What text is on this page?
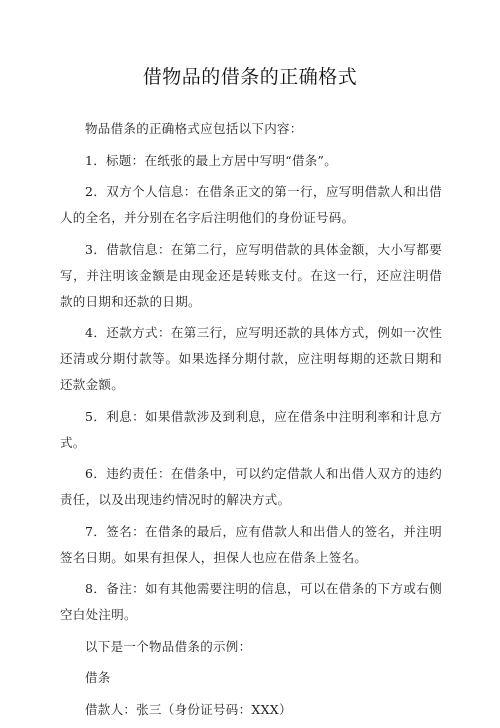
借物品的借条的正确格式

物品借条的正确格式应包括以下内容：

1．标题：在纸张的最上方居中写明“借条”。

2．双方个人信息：在借条正文的第一行，应写明借款人和出借人的全名，并分别在名字后注明他们的身份证号码。

3．借款信息：在第二行，应写明借款的具体金额，大小写都要写，并注明该金额是由现金还是转账支付。在这一行，还应注明借款的日期和还款的日期。

4．还款方式：在第三行，应写明还款的具体方式，例如一次性还清或分期付款等。如果选择分期付款，应注明每期的还款日期和还款金额。

5．利息：如果借款涉及到利息，应在借条中注明利率和计息方式。

6．违约责任：在借条中，可以约定借款人和出借人双方的违约责任，以及出现违约情况时的解决方式。

7．签名：在借条的最后，应有借款人和出借人的签名，并注明签名日期。如果有担保人，担保人也应在借条上签名。

8．备注：如有其他需要注明的信息，可以在借条的下方或右侧空白处注明。

以下是一个物品借条的示例：

借条

借款人：张三（身份证号码：XXX）
